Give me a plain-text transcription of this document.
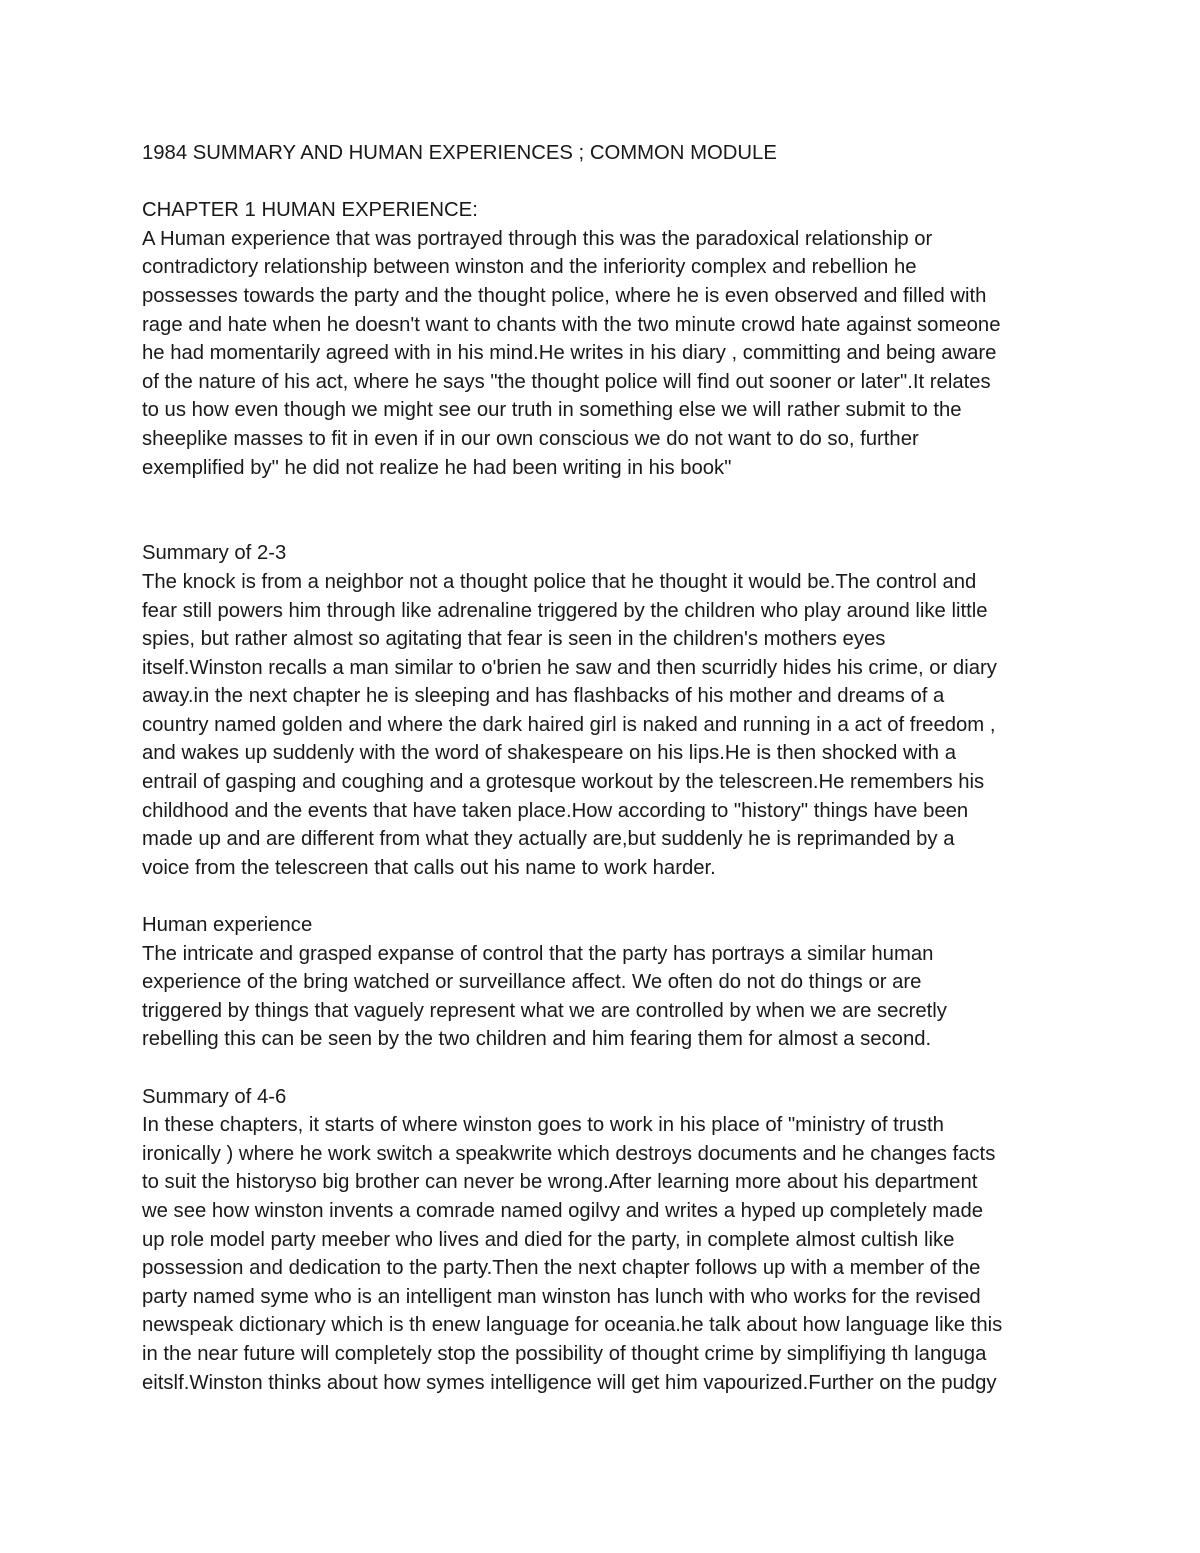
1984 SUMMARY AND HUMAN EXPERIENCES ; COMMON MODULE
CHAPTER 1 HUMAN EXPERIENCE:
A Human experience that was portrayed through this was the paradoxical relationship or
contradictory relationship between winston and the inferiority complex and rebellion he
possesses towards the party and the thought police, where he is even observed and filled with
rage and hate when he doesn't want to chants with the two minute crowd hate against someone
he had momentarily agreed with in his mind.He writes in his diary , committing and being aware
of the nature of his act, where he says "the thought police will find out sooner or later".It relates
to us how even though we might see our truth in something else we will rather submit to the
sheeplike masses to fit in even if in our own conscious we do not want to do so, further
exemplified by" he did not realize he had been writing in his book"
Summary of 2-3
The knock is from a neighbor not a thought police that he thought it would be.The control and
fear still powers him through like adrenaline triggered by the children who play around like little
spies, but rather almost so agitating that fear is seen in the children's mothers eyes
itself.Winston recalls a man similar to o'brien he saw and then scurridly hides his crime, or diary
away.in the next chapter he is sleeping and has flashbacks of his mother and dreams of a
country named golden and where the dark haired girl is naked and running in a act of freedom ,
and wakes up suddenly with the word of shakespeare on his lips.He is then shocked with a
entrail of gasping and coughing and a grotesque workout by the telescreen.He remembers his
childhood and the events that have taken place.How according to "history" things have been
made up and are different from what they actually are,but suddenly he is reprimanded by a
voice from the telescreen that calls out his name to work harder.
Human experience
The intricate and grasped expanse of control that the party has portrays a similar human
experience of the bring watched or surveillance affect. We often do not do things or are
triggered by things that vaguely represent what we are controlled by when we are secretly
rebelling this can be seen by the two children and him fearing them for almost a second.
Summary of 4-6
In these chapters, it starts of where winston goes to work in his place of "ministry of trusth
ironically ) where he work switch a speakwrite which destroys documents and he changes facts
to suit the historyso big brother can never be wrong.After learning more about his department
we see how winston invents a comrade named ogilvy and writes a hyped up completely made
up role model party meeber who lives and died for the party, in complete almost cultish like
possession and dedication to the party.Then the next chapter follows up with a member of the
party named syme who is an intelligent man winston has lunch with who works for the revised
newspeak dictionary which is th enew language for oceania.he talk about how language like this
in the near future will completely stop the possibility of thought crime by simplifiying th languga
eitslf.Winston thinks about how symes intelligence will get him vapourized.Further on the pudgy
